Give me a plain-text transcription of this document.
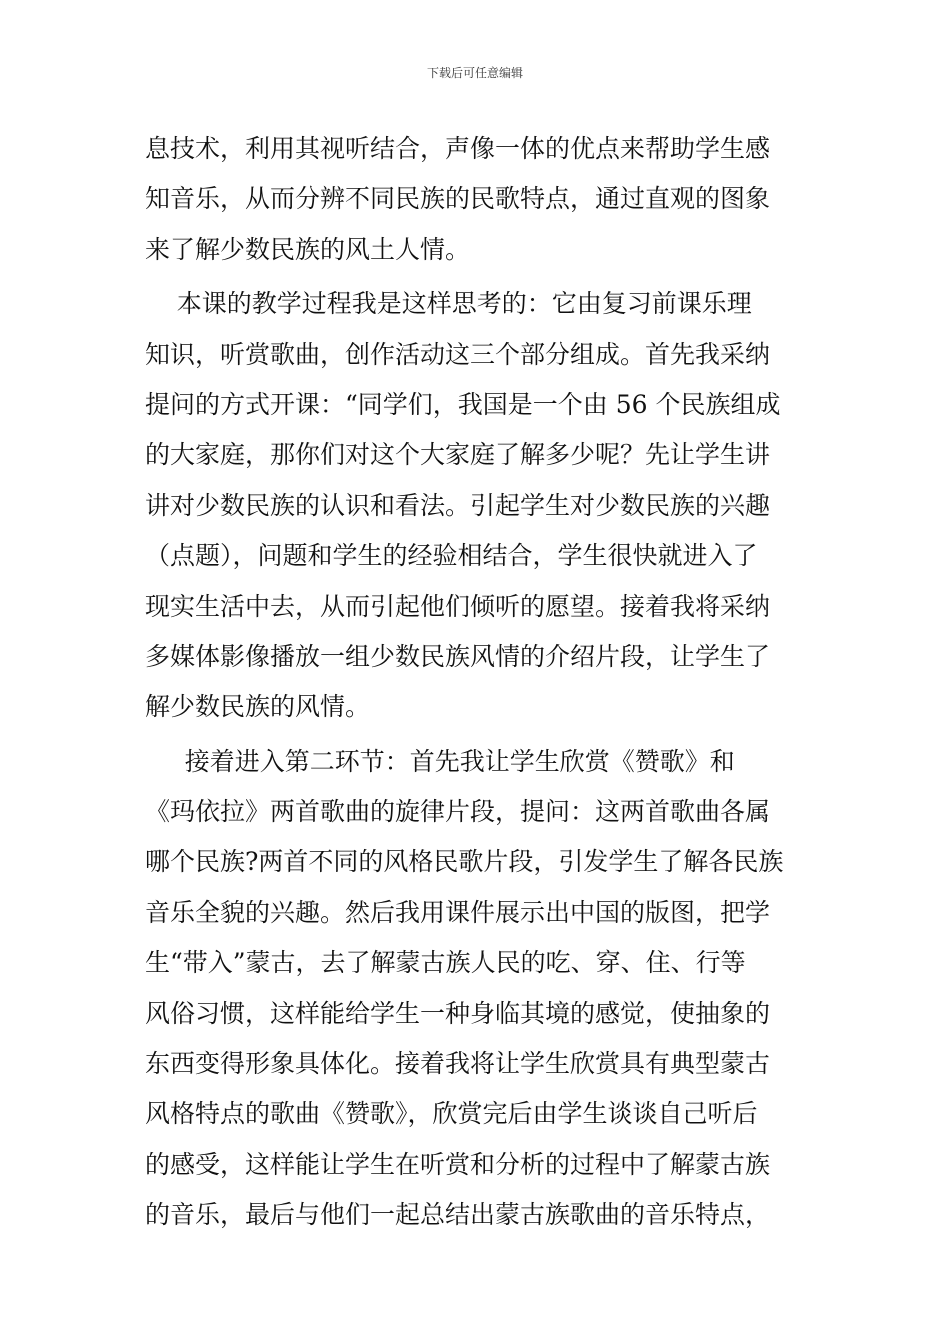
下载后可任意编辑
息技术，利用其视听结合，声像一体的优点来帮助学生感
知音乐，从而分辨不同民族的民歌特点，通过直观的图象
来了解少数民族的风土人情。
本课的教学过程我是这样思考的：它由复习前课乐理
知识，听赏歌曲，创作活动这三个部分组成。首先我采纳
提问的方式开课：“同学们，我国是一个由 56 个民族组成
的大家庭，那你们对这个大家庭了解多少呢？先让学生讲
讲对少数民族的认识和看法。引起学生对少数民族的兴趣
（点题），问题和学生的经验相结合，学生很快就进入了
现实生活中去，从而引起他们倾听的愿望。接着我将采纳
多媒体影像播放一组少数民族风情的介绍片段，让学生了
解少数民族的风情。
接着进入第二环节：首先我让学生欣赏《赞歌》和
《玛依拉》两首歌曲的旋律片段，提问：这两首歌曲各属
哪个民族?两首不同的风格民歌片段，引发学生了解各民族
音乐全貌的兴趣。然后我用课件展示出中国的版图，把学
生“带入”蒙古，去了解蒙古族人民的吃、穿、住、行等
风俗习惯，这样能给学生一种身临其境的感觉，使抽象的
东西变得形象具体化。接着我将让学生欣赏具有典型蒙古
风格特点的歌曲《赞歌》，欣赏完后由学生谈谈自己听后
的感受，这样能让学生在听赏和分析的过程中了解蒙古族
的音乐，最后与他们一起总结出蒙古族歌曲的音乐特点，
